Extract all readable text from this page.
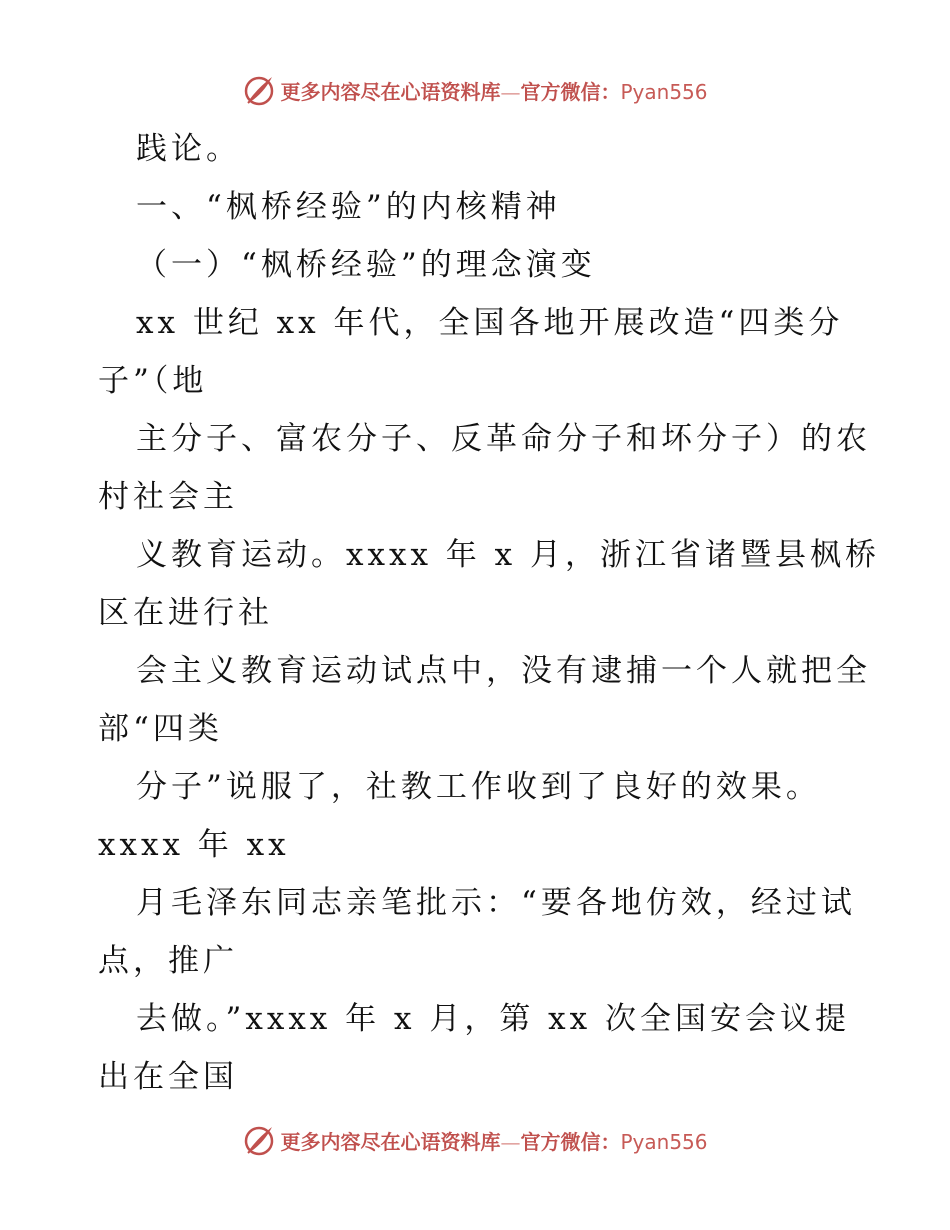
更多内容尽在心语资料库—官方微信：Pyan556
践论。
一、“枫桥经验”的内核精神
（一）“枫桥经验”的理念演变
xx 世纪 xx 年代，全国各地开展改造“四类分
子”（地
主分子、富农分子、反革命分子和坏分子）的农
村社会主
义教育运动。xxxx 年 x 月，浙江省诸暨县枫桥
区在进行社
会主义教育运动试点中，没有逮捕一个人就把全
部“四类
分子”说服了，社教工作收到了良好的效果。
xxxx 年 xx
月毛泽东同志亲笔批示：“要各地仿效，经过试
点，推广
去做。”xxxx 年 x 月，第 xx 次全国安会议提
出在全国
更多内容尽在心语资料库—官方微信：Pyan556
